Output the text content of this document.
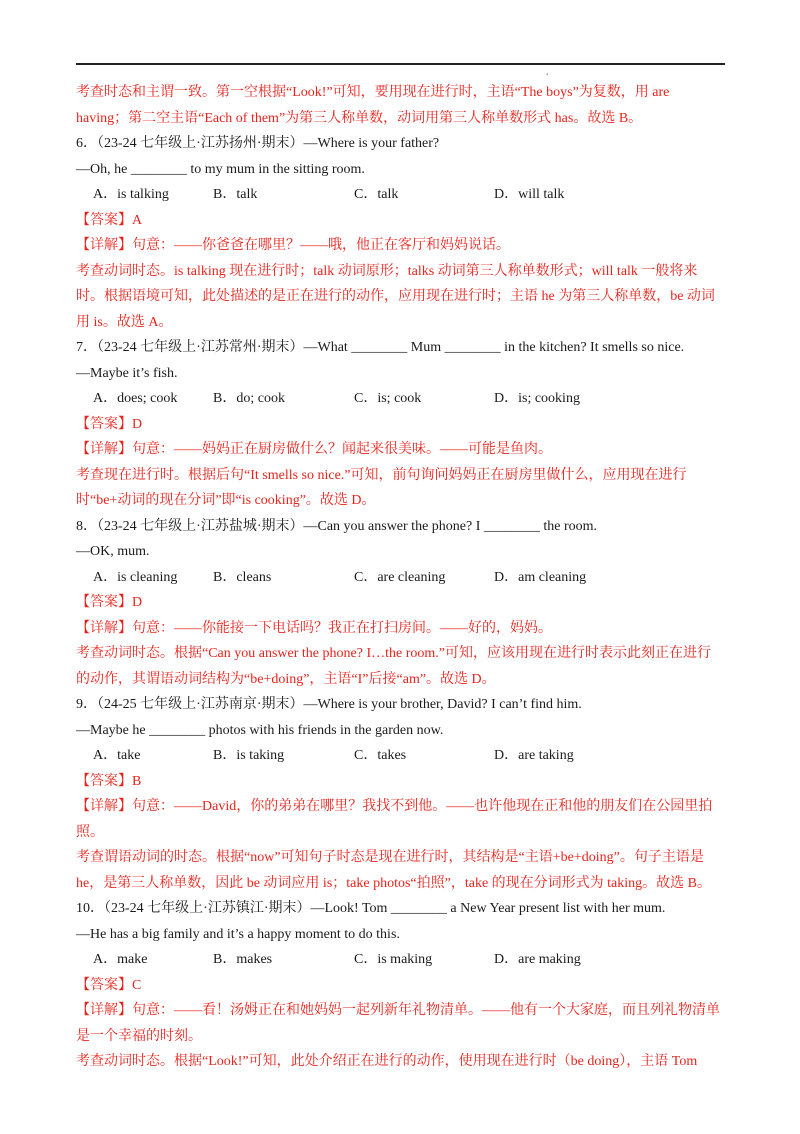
▪
考查时态和主谓一致。第一空根据“Look!”可知，要用现在进行时，主语“The boys”为复数，用 are
having；第二空主语“Each of them”为第三人称单数，动词用第三人称单数形式 has。故选 B。
6．（23-24 七年级上·江苏扬州·期末）—Where is your father?
—Oh, he ________ to my mum in the sitting room.
A．is talking	B．talk	C．talk	D．will talk
【答案】A
【详解】句意：——你爸爸在哪里？——哦，他正在客厅和妈妈说话。
考查动词时态。is talking 现在进行时；talk 动词原形；talks 动词第三人称单数形式；will talk 一般将来
时。根据语境可知，此处描述的是正在进行的动作，应用现在进行时；主语 he 为第三人称单数，be 动词
用 is。故选 A。
7．（23-24 七年级上·江苏常州·期末）—What ________ Mum ________ in the kitchen? It smells so nice.
—Maybe it’s fish.
A．does; cook	B．do; cook	C．is; cook	D．is; cooking
【答案】D
【详解】句意：——妈妈正在厨房做什么？闻起来很美味。——可能是鱼肉。
考查现在进行时。根据后句“It smells so nice.”可知，前句询问妈妈正在厨房里做什么，应用现在进行
时“be+动词的现在分词”即“is cooking”。故选 D。
8．（23-24 七年级上·江苏盐城·期末）—Can you answer the phone? I ________ the room.
—OK, mum.
A．is cleaning	B．cleans	C．are cleaning	D．am cleaning
【答案】D
【详解】句意：——你能接一下电话吗？我正在打扫房间。——好的，妈妈。
考查动词时态。根据“Can you answer the phone? I…the room.”可知，应该用现在进行时表示此刻正在进行
的动作，其谓语动词结构为“be+doing”，主语“I”后接“am”。故选 D。
9．（24-25 七年级上·江苏南京·期末）—Where is your brother, David? I can’t find him.
—Maybe he ________ photos with his friends in the garden now.
A．take	B．is taking	C．takes	D．are taking
【答案】B
【详解】句意：——David，你的弟弟在哪里？我找不到他。——也许他现在正和他的朋友们在公园里拍
照。
考查谓语动词的时态。根据“now”可知句子时态是现在进行时，其结构是“主语+be+doing”。句子主语是
he，是第三人称单数，因此 be 动词应用 is；take photos“拍照”，take 的现在分词形式为 taking。故选 B。
10．（23-24 七年级上·江苏镇江·期末）—Look! Tom ________ a New Year present list with her mum.
—He has a big family and it’s a happy moment to do this.
A．make	B．makes	C．is making	D．are making
【答案】C
【详解】句意：——看！汤姆正在和她妈妈一起列新年礼物清单。——他有一个大家庭，而且列礼物清单
是一个幸福的时刻。
考查动词时态。根据“Look!”可知，此处介绍正在进行的动作，使用现在进行时（be doing），主语 Tom
